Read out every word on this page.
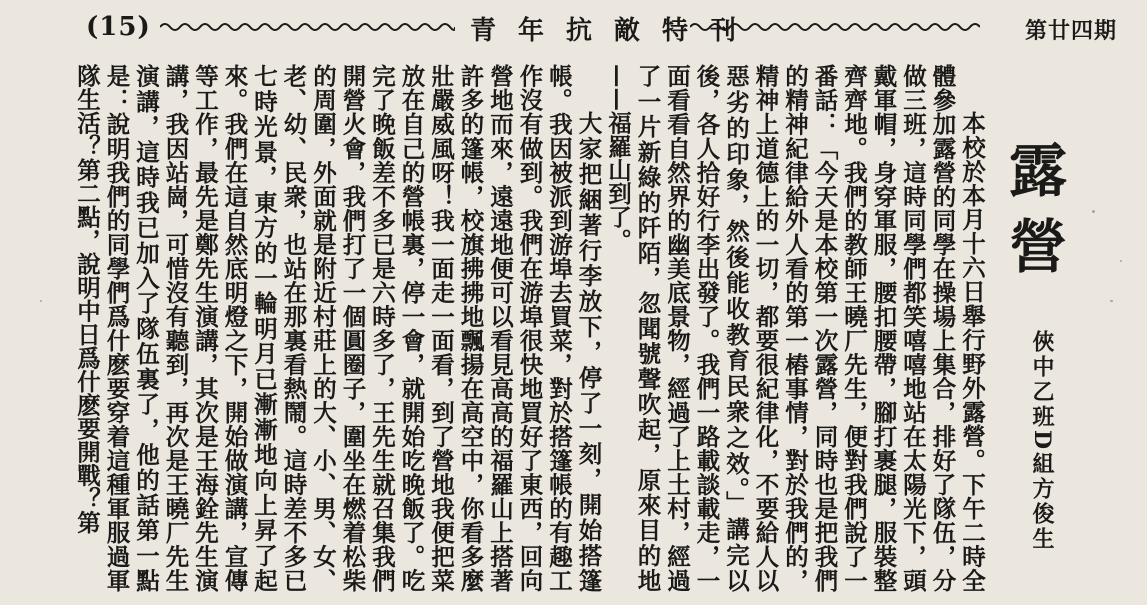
(15)	青年抗敵特刊	第廿四期
露營
俠中乙班D組方俊生

本校於本月十六日舉行野外露營。下午二時全體參加露營的同學在操場上集合，排好了隊伍，分做三班，這時同學們都笑嘻嘻地站在太陽光下，頭戴軍帽，身穿軍服，腰扣腰帶，腳打裹腿，服裝整齊齊地。我們的教師王曉厂先生，便對我們說了一番話：「今天是本校第一次露營，同時也是把我們的精神紀律給外人看的第一樁事情，對於我們的，精神上道德上的一切，都要很紀律化，不要給人以惡劣的印象，然後能收教育民衆之效。」講完以後，各人拾好行李出發了。我們一路載談載走，一面看看自然界的幽美底景物，經過了上土村，經過了一片新綠的阡陌，忽聞號聲吹起，原來目的地——福羅山到了。

大家把綑著行李放下，停了一刻，開始搭篷帳。我因被派到游埠去買菜，對於搭篷帳的有趣工作沒有做到。我們在游埠很快地買好了東西，回向營地而來，遠遠地便可以看見高高的福羅山上搭著許多的篷帳，校旗拂拂地飄揚在高空中，你看多麼壯嚴威風呀！我一面走一面看，到了營地我便把菜放在自己的營帳裏，停一會，就開始吃晚飯了。吃完了晚飯差不多已是六時多了，王先生就召集我們開營火會，我們打了一個圓圈子，圍坐在燃着松柴的周圍，外面就是附近村莊上的大、小、男、女、老、幼、民衆，也站在那裏看熱鬧。這時差不多已七時光景，東方的一輪明月已漸漸地向上昇了起來。我們在這自然底明燈之下，開始做演講，宣傳等工作，最先是鄭先生演講，其次是王海銓先生演講，我因站崗，可惜沒有聽到，再次是王曉厂先生演講，這時我已加入了隊伍裏了，他的話第一點是：說明我們的同學們爲什麽要穿着這種軍服過軍隊生活？第二點，說明中日爲什麽要開戰？第
